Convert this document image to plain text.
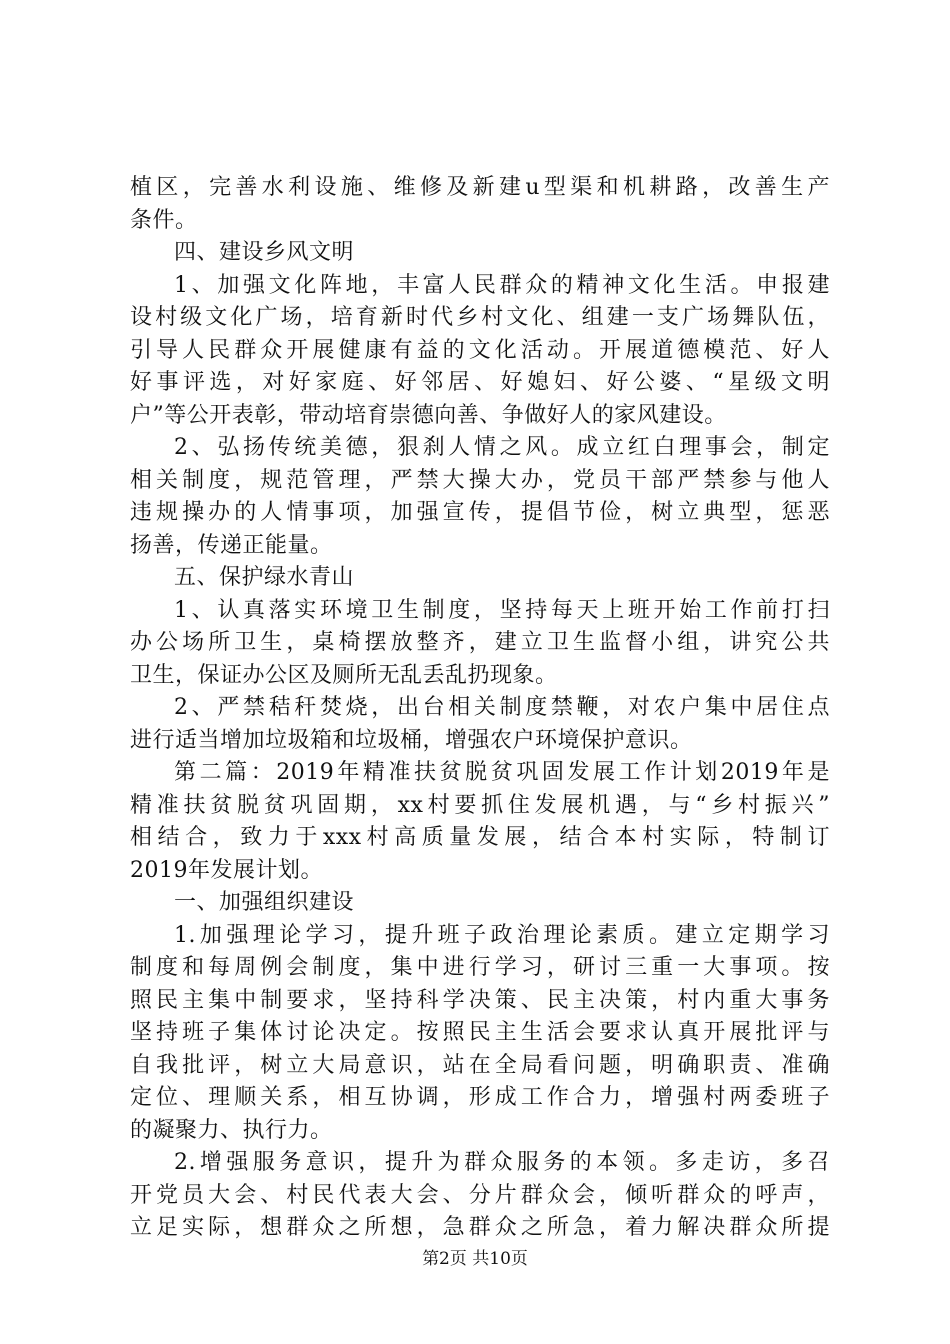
植区，完善水利设施、维修及新建u型渠和机耕路，改善生产
条件。
四、建设乡风文明
1、加强文化阵地，丰富人民群众的精神文化生活。申报建
设村级文化广场，培育新时代乡村文化、组建一支广场舞队伍，
引导人民群众开展健康有益的文化活动。开展道德模范、好人
好事评选，对好家庭、好邻居、好媳妇、好公婆、“星级文明
户”等公开表彰，带动培育崇德向善、争做好人的家风建设。
2、弘扬传统美德，狠刹人情之风。成立红白理事会，制定
相关制度，规范管理，严禁大操大办，党员干部严禁参与他人
违规操办的人情事项，加强宣传，提倡节俭，树立典型，惩恶
扬善，传递正能量。
五、保护绿水青山
1、认真落实环境卫生制度，坚持每天上班开始工作前打扫
办公场所卫生，桌椅摆放整齐，建立卫生监督小组，讲究公共
卫生，保证办公区及厕所无乱丢乱扔现象。
2、严禁秸秆焚烧，出台相关制度禁鞭，对农户集中居住点
进行适当增加垃圾箱和垃圾桶，增强农户环境保护意识。
第二篇：2019年精准扶贫脱贫巩固发展工作计划2019年是
精准扶贫脱贫巩固期，xx村要抓住发展机遇，与“乡村振兴”
相结合，致力于xxx村高质量发展，结合本村实际，特制订
2019年发展计划。
一、加强组织建设
1.加强理论学习，提升班子政治理论素质。建立定期学习
制度和每周例会制度，集中进行学习，研讨三重一大事项。按
照民主集中制要求，坚持科学决策、民主决策，村内重大事务
坚持班子集体讨论决定。按照民主生活会要求认真开展批评与
自我批评，树立大局意识，站在全局看问题，明确职责、准确
定位、理顺关系，相互协调，形成工作合力，增强村两委班子
的凝聚力、执行力。
2.增强服务意识，提升为群众服务的本领。多走访，多召
开党员大会、村民代表大会、分片群众会，倾听群众的呼声，
立足实际，想群众之所想，急群众之所急，着力解决群众所提
第2页 共10页
